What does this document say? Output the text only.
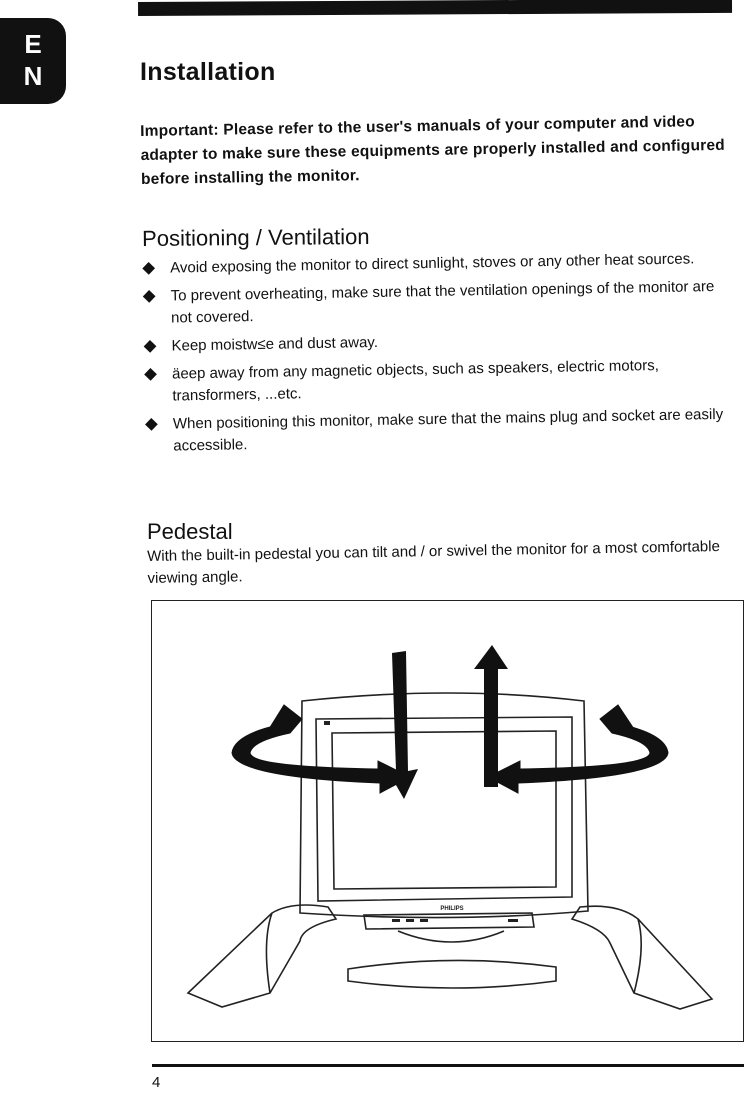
E
N	Installation

Important: Please refer to the user's manuals of your computer and video adapter to make sure these equipments are properly installed and configured before installing the monitor.

Positioning / Ventilation
Avoid exposing the monitor to direct sunlight, stoves or any other heat sources.
To prevent overheating, make sure that the ventilation openings of the monitor are not covered.
Keep moistw≤e and dust away.
äeep away from any magnetic objects, such as speakers, electric motors, transformers, ...etc.
When positioning this monitor, make sure that the mains plug and socket are easily accessible.
Pedestal

With the built-in pedestal you can tilt and / or swivel the monitor for a most comfortable viewing angle.

PHILIPS
4
